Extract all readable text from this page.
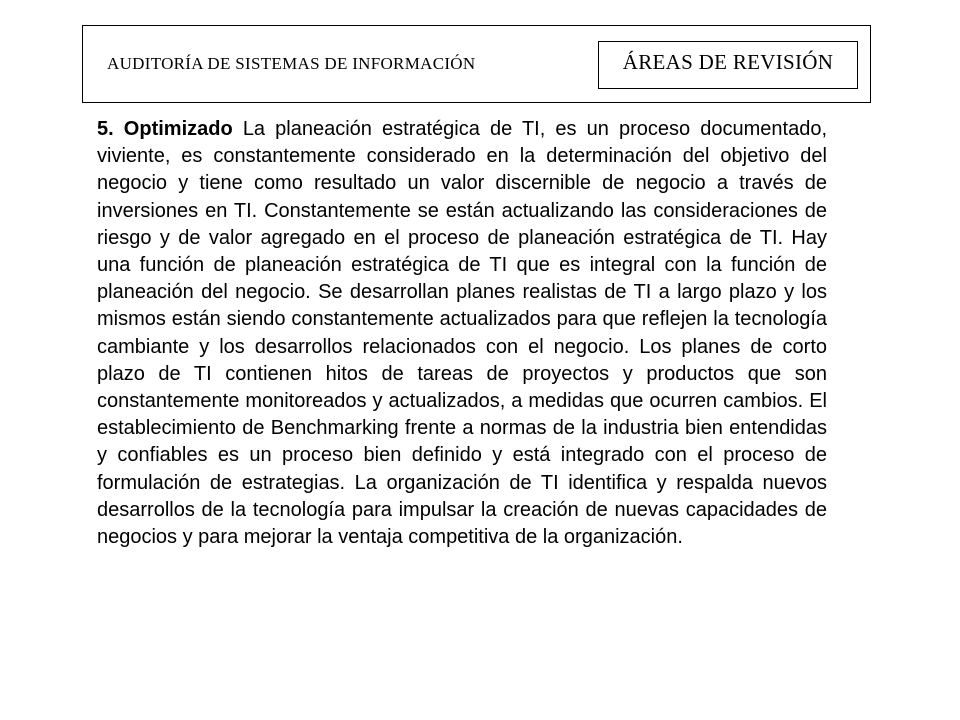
AUDITORÍA DE SISTEMAS DE INFORMACIÓN	ÁREAS DE REVISIÓN

5. Optimizado La planeación estratégica de TI, es un proceso documentado, viviente, es constantemente considerado en la determinación del objetivo del negocio y tiene como resultado un valor discernible de negocio a través de inversiones en TI. Constantemente se están actualizando las consideraciones de riesgo y de valor agregado en el proceso de planeación estratégica de TI. Hay una función de planeación estratégica de TI que es integral con la función de planeación del negocio. Se desarrollan planes realistas de TI a largo plazo y los mismos están siendo constantemente actualizados para que reflejen la tecnología cambiante y los desarrollos relacionados con el negocio. Los planes de corto plazo de TI contienen hitos de tareas de proyectos y productos que son constantemente monitoreados y actualizados, a medidas que ocurren cambios. El establecimiento de Benchmarking frente a normas de la industria bien entendidas y confiables es un proceso bien definido y está integrado con el proceso de formulación de estrategias. La organización de TI identifica y respalda nuevos desarrollos de la tecnología para impulsar la creación de nuevas capacidades de negocios y para mejorar la ventaja competitiva de la organización.
